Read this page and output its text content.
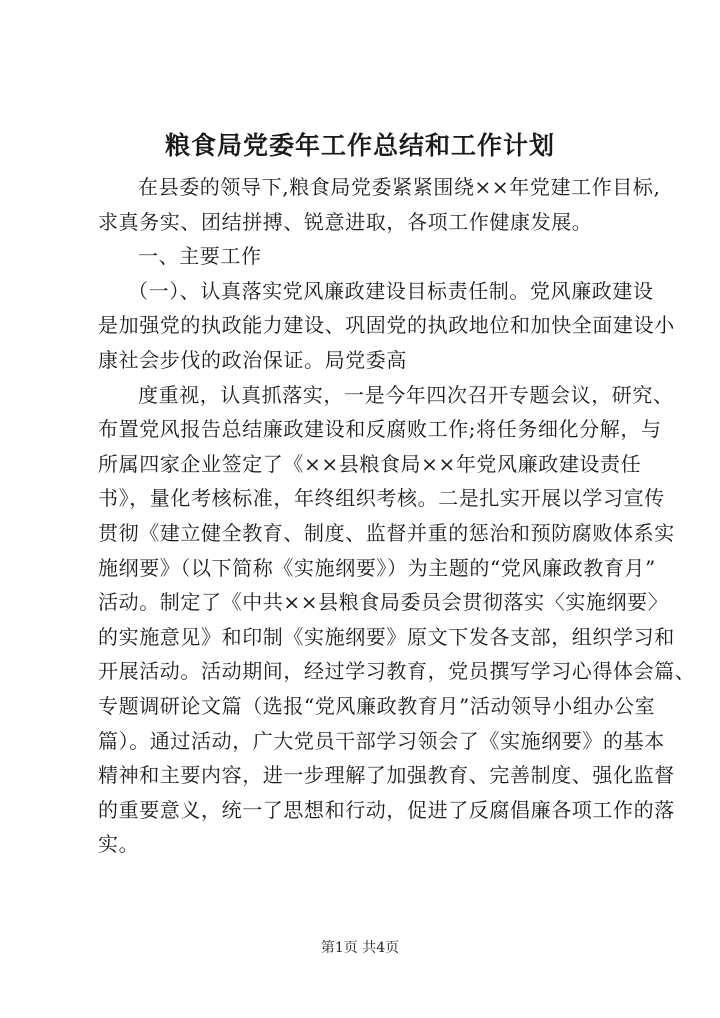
粮食局党委年工作总结和工作计划
在县委的领导下,粮食局党委紧紧围绕××年党建工作目标,
求真务实、团结拼搏、锐意进取，各项工作健康发展。
一、主要工作
（一）、认真落实党风廉政建设目标责任制。党风廉政建设
是加强党的执政能力建设、巩固党的执政地位和加快全面建设小
康社会步伐的政治保证。局党委高
度重视，认真抓落实，一是今年四次召开专题会议，研究、
布置党风报告总结廉政建设和反腐败工作;将任务细化分解，与
所属四家企业签定了《××县粮食局××年党风廉政建设责任
书》，量化考核标准，年终组织考核。二是扎实开展以学习宣传
贯彻《建立健全教育、制度、监督并重的惩治和预防腐败体系实
施纲要》（以下简称《实施纲要》）为主题的“党风廉政教育月”
活动。制定了《中共××县粮食局委员会贯彻落实〈实施纲要〉
的实施意见》和印制《实施纲要》原文下发各支部，组织学习和
开展活动。活动期间，经过学习教育，党员撰写学习心得体会篇、
专题调研论文篇（选报“党风廉政教育月”活动领导小组办公室
篇）。通过活动，广大党员干部学习领会了《实施纲要》的基本
精神和主要内容，进一步理解了加强教育、完善制度、强化监督
的重要意义，统一了思想和行动，促进了反腐倡廉各项工作的落
实。
第1页 共4页
